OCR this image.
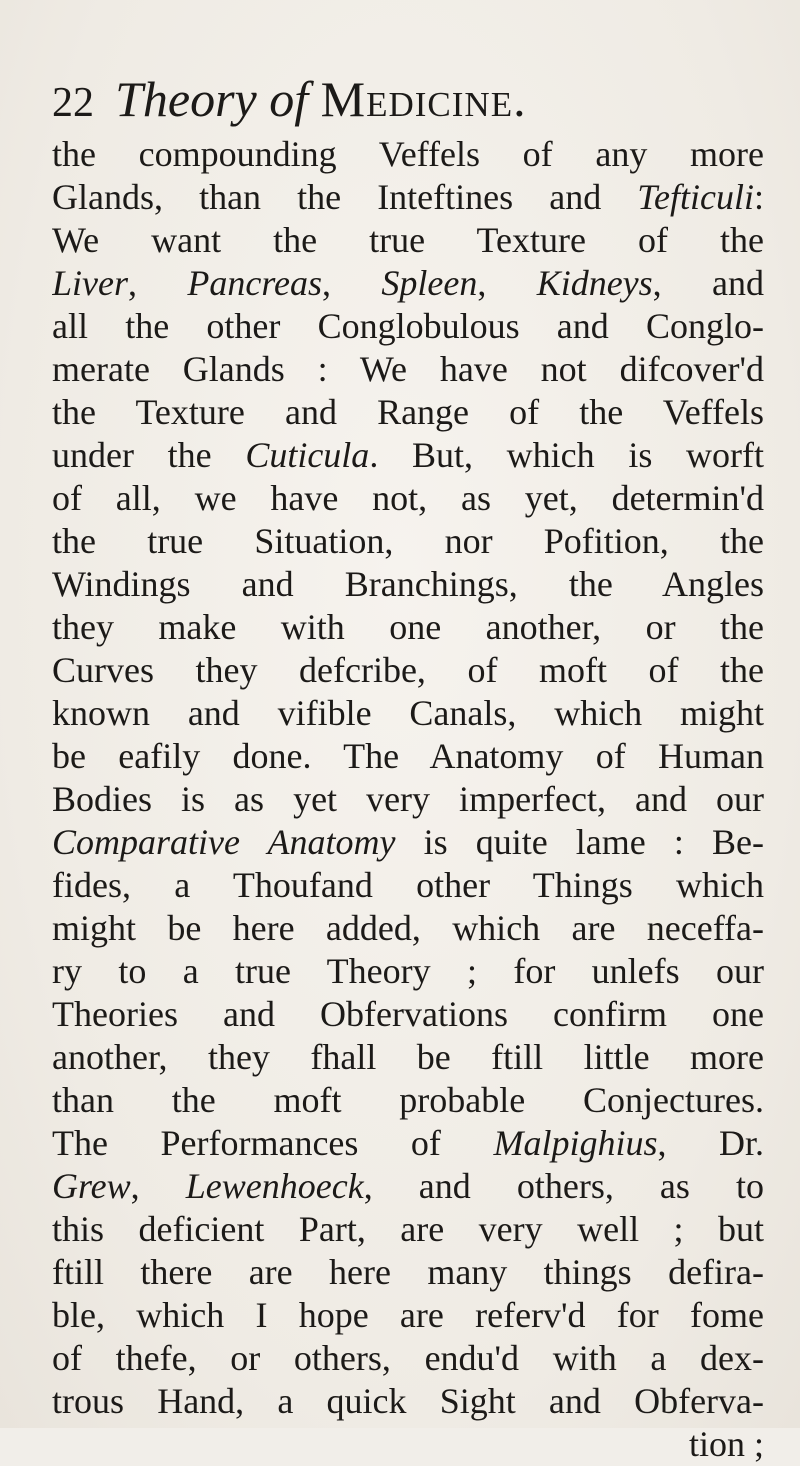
22 Theory of Medicine.
the compounding Veffels of any more
Glands, than the Inteftines and Tefticuli:
We want the true Texture of the
Liver, Pancreas, Spleen, Kidneys, and
all the other Conglobulous and Conglo-
merate Glands : We have not difcover'd
the Texture and Range of the Veffels
under the Cuticula. But, which is worft
of all, we have not, as yet, determin'd
the true Situation, nor Pofition, the
Windings and Branchings, the Angles
they make with one another, or the
Curves they defcribe, of moft of the
known and vifible Canals, which might
be eafily done. The Anatomy of Human
Bodies is as yet very imperfect, and our
Comparative Anatomy is quite lame : Be-
fides, a Thoufand other Things which
might be here added, which are neceffa-
ry to a true Theory ; for unlefs our
Theories and Obfervations confirm one
another, they fhall be ftill little more
than the moft probable Conjectures.
The Performances of Malpighius, Dr.
Grew, Lewenhoeck, and others, as to
this deficient Part, are very well ; but
ftill there are here many things defira-
ble, which I hope are referv'd for fome
of thefe, or others, endu'd with a dex-
trous Hand, a quick Sight and Obferva-
tion ;
